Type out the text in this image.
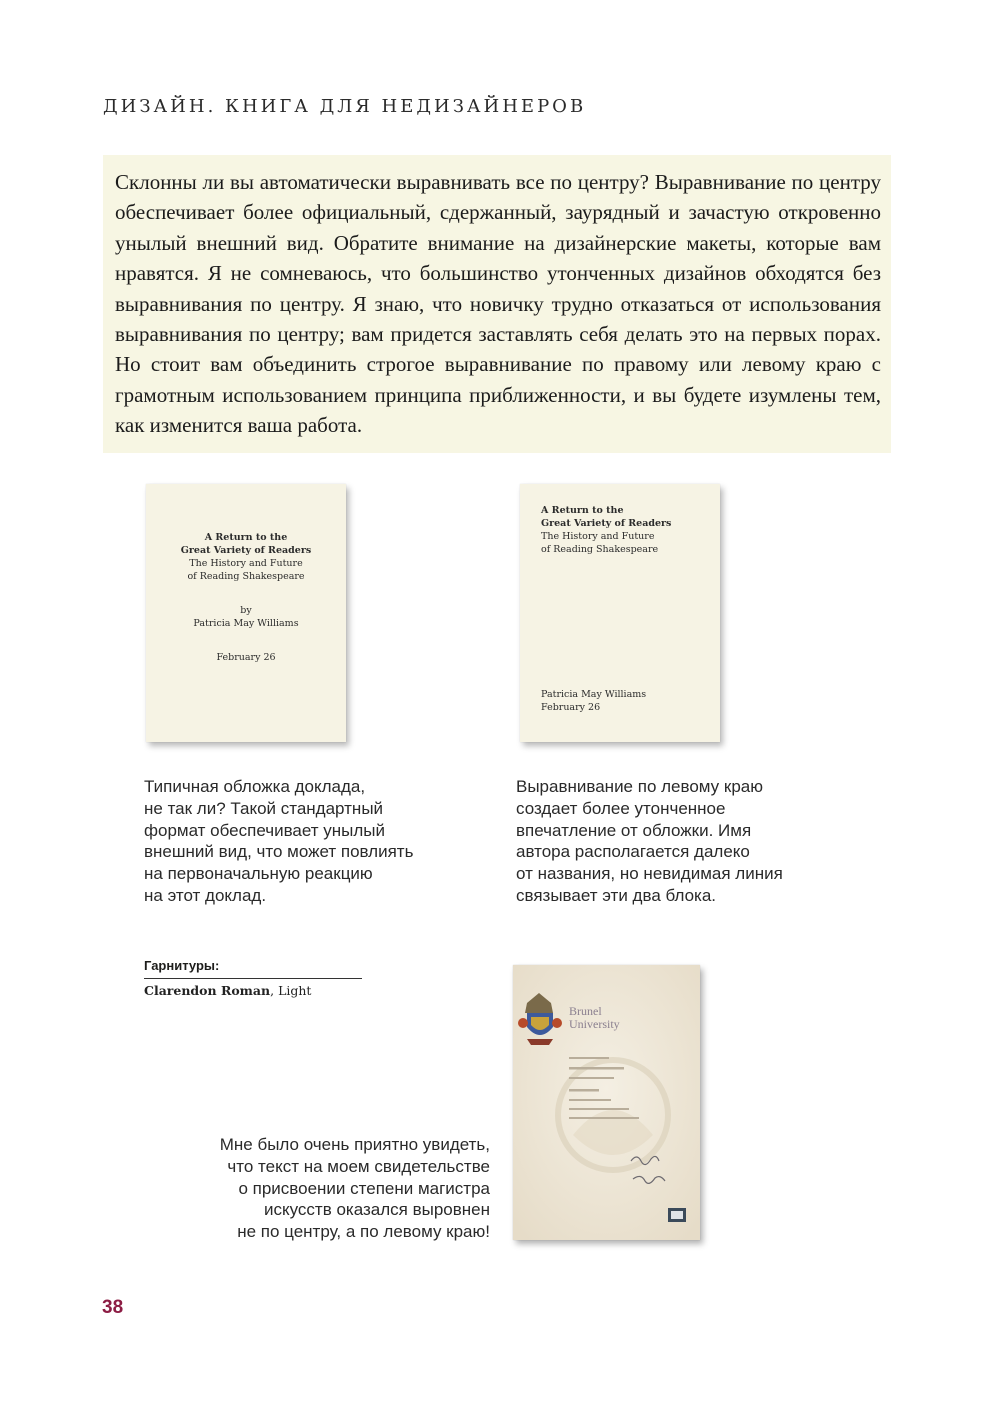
ДИЗАЙН. КНИГА ДЛЯ НЕДИЗАЙНЕРОВ

Склонны ли вы автоматически выравнивать все по центру? Выравнивание по центру обеспечивает более официальный, сдержанный, заурядный и зачастую откровенно унылый внешний вид. Обратите внимание на дизайнерские макеты, которые вам нравятся. Я не сомневаюсь, что большинство утонченных дизайнов обходятся без выравнивания по центру. Я знаю, что новичку трудно отказаться от использования выравнивания по центру; вам придется заставлять себя делать это на первых порах. Но стоит вам объединить строгое выравнивание по правому или левому краю с грамотным использованием принципа приближенности, и вы будете изумлены тем, как изменится ваша работа.

A Return to the
Great Variety of Readers
The History and Future
of Reading Shakespeare
by
Patricia May Williams
February 26
A Return to the
Great Variety of Readers
The History and Future
of Reading Shakespeare
Patricia May Williams
February 26

Типичная обложка доклада,
не так ли? Такой стандартный
формат обеспечивает унылый
внешний вид, что может повлиять
на первоначальную реакцию
на этот доклад.

Выравнивание по левому краю
создает более утонченное
впечатление от обложки. Имя
автора располагается далеко
от названия, но невидимая линия
связывает эти два блока.

Гарнитуры:
Clarendon Roman, Light

Мне было очень приятно увидеть,
что текст на моем свидетельстве
о присвоении степени магистра
искусств оказался выровнен
не по центру, а по левому краю!

Brunel
University
38
